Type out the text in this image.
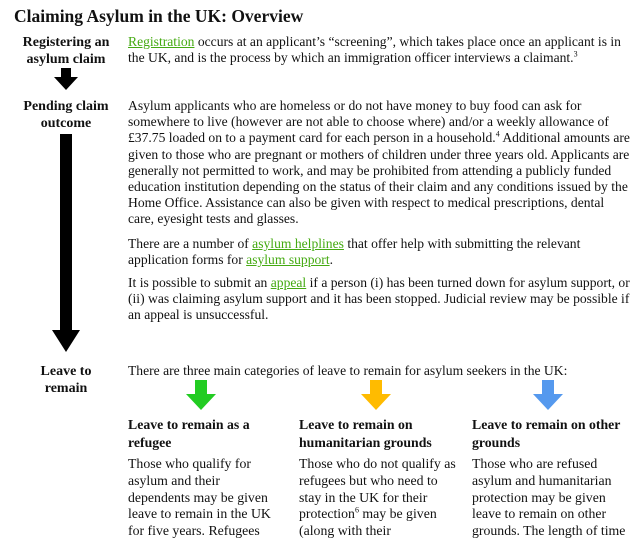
Claiming Asylum in the UK: Overview
Registering an asylum claim
Registration occurs at an applicant’s “screening”, which takes place once an applicant is in the UK, and is the process by which an immigration officer interviews a claimant.$^3$
Pending claim outcome
Asylum applicants who are homeless or do not have money to buy food can ask for somewhere to live (however are not able to choose where) and/or a weekly allowance of £37.75 loaded on to a payment card for each person in a household.$^4$ Additional amounts are given to those who are pregnant or mothers of children under three years old. Applicants are generally not permitted to work, and may be prohibited from attending a publicly funded education institution depending on the status of their claim and any conditions issued by the Home Office. Assistance can also be given with respect to medical prescriptions, dental care, eyesight tests and glasses.
There are a number of asylum helplines that offer help with submitting the relevant application forms for asylum support.
It is possible to submit an appeal if a person (i) has been turned down for asylum support, or (ii) was claiming asylum support and it has been stopped. Judicial review may be possible if an appeal is unsuccessful.
Leave to remain
There are three main categories of leave to remain for asylum seekers in the UK:
Leave to remain as a refugee
Those who qualify for asylum and their dependents may be given leave to remain in the UK for five years. Refugees
Leave to remain on humanitarian grounds
Those who do not qualify as refugees but who need to stay in the UK for their protection$^6$ may be given (along with their
Leave to remain on other grounds
Those who are refused asylum and humanitarian protection may be given leave to remain on other grounds. The length of time
